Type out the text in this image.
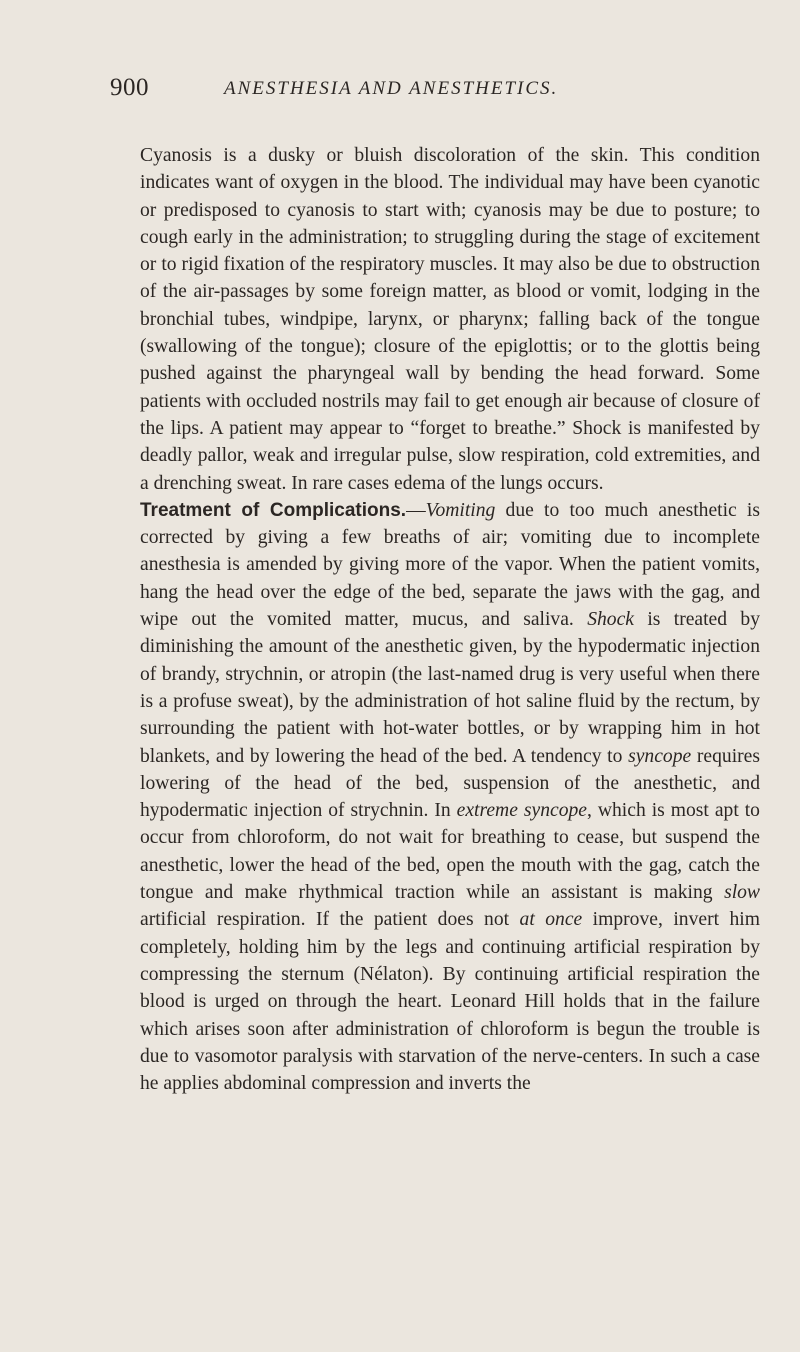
900	ANESTHESIA AND ANESTHETICS.

Cyanosis is a dusky or bluish discoloration of the skin. This condition indicates want of oxygen in the blood. The individual may have been cyanotic or predisposed to cyanosis to start with; cyanosis may be due to posture; to cough early in the administration; to struggling during the stage of excitement or to rigid fixation of the respiratory muscles. It may also be due to obstruction of the air-passages by some foreign matter, as blood or vomit, lodging in the bronchial tubes, windpipe, larynx, or pharynx; falling back of the tongue (swallowing of the tongue); closure of the epiglottis; or to the glottis being pushed against the pharyngeal wall by bending the head forward. Some patients with occluded nostrils may fail to get enough air because of closure of the lips. A patient may appear to “forget to breathe.” Shock is manifested by deadly pallor, weak and irregular pulse, slow respiration, cold extremities, and a drenching sweat. In rare cases edema of the lungs occurs.

Treatment of Complications.—Vomiting due to too much anesthetic is corrected by giving a few breaths of air; vomiting due to incomplete anesthesia is amended by giving more of the vapor. When the patient vomits, hang the head over the edge of the bed, separate the jaws with the gag, and wipe out the vomited matter, mucus, and saliva. Shock is treated by diminishing the amount of the anesthetic given, by the hypodermatic injection of brandy, strychnin, or atropin (the last-named drug is very useful when there is a profuse sweat), by the administration of hot saline fluid by the rectum, by surrounding the patient with hot-water bottles, or by wrapping him in hot blankets, and by lowering the head of the bed. A tendency to syncope requires lowering of the head of the bed, suspension of the anesthetic, and hypodermatic injection of strychnin. In extreme syncope, which is most apt to occur from chloroform, do not wait for breathing to cease, but suspend the anesthetic, lower the head of the bed, open the mouth with the gag, catch the tongue and make rhythmical traction while an assistant is making slow artificial respiration. If the patient does not at once improve, invert him completely, holding him by the legs and continuing artificial respiration by compressing the sternum (Nélaton). By continuing artificial respiration the blood is urged on through the heart. Leonard Hill holds that in the failure which arises soon after administration of chloroform is begun the trouble is due to vasomotor paralysis with starvation of the nerve-centers. In such a case he applies abdominal compression and inverts the
